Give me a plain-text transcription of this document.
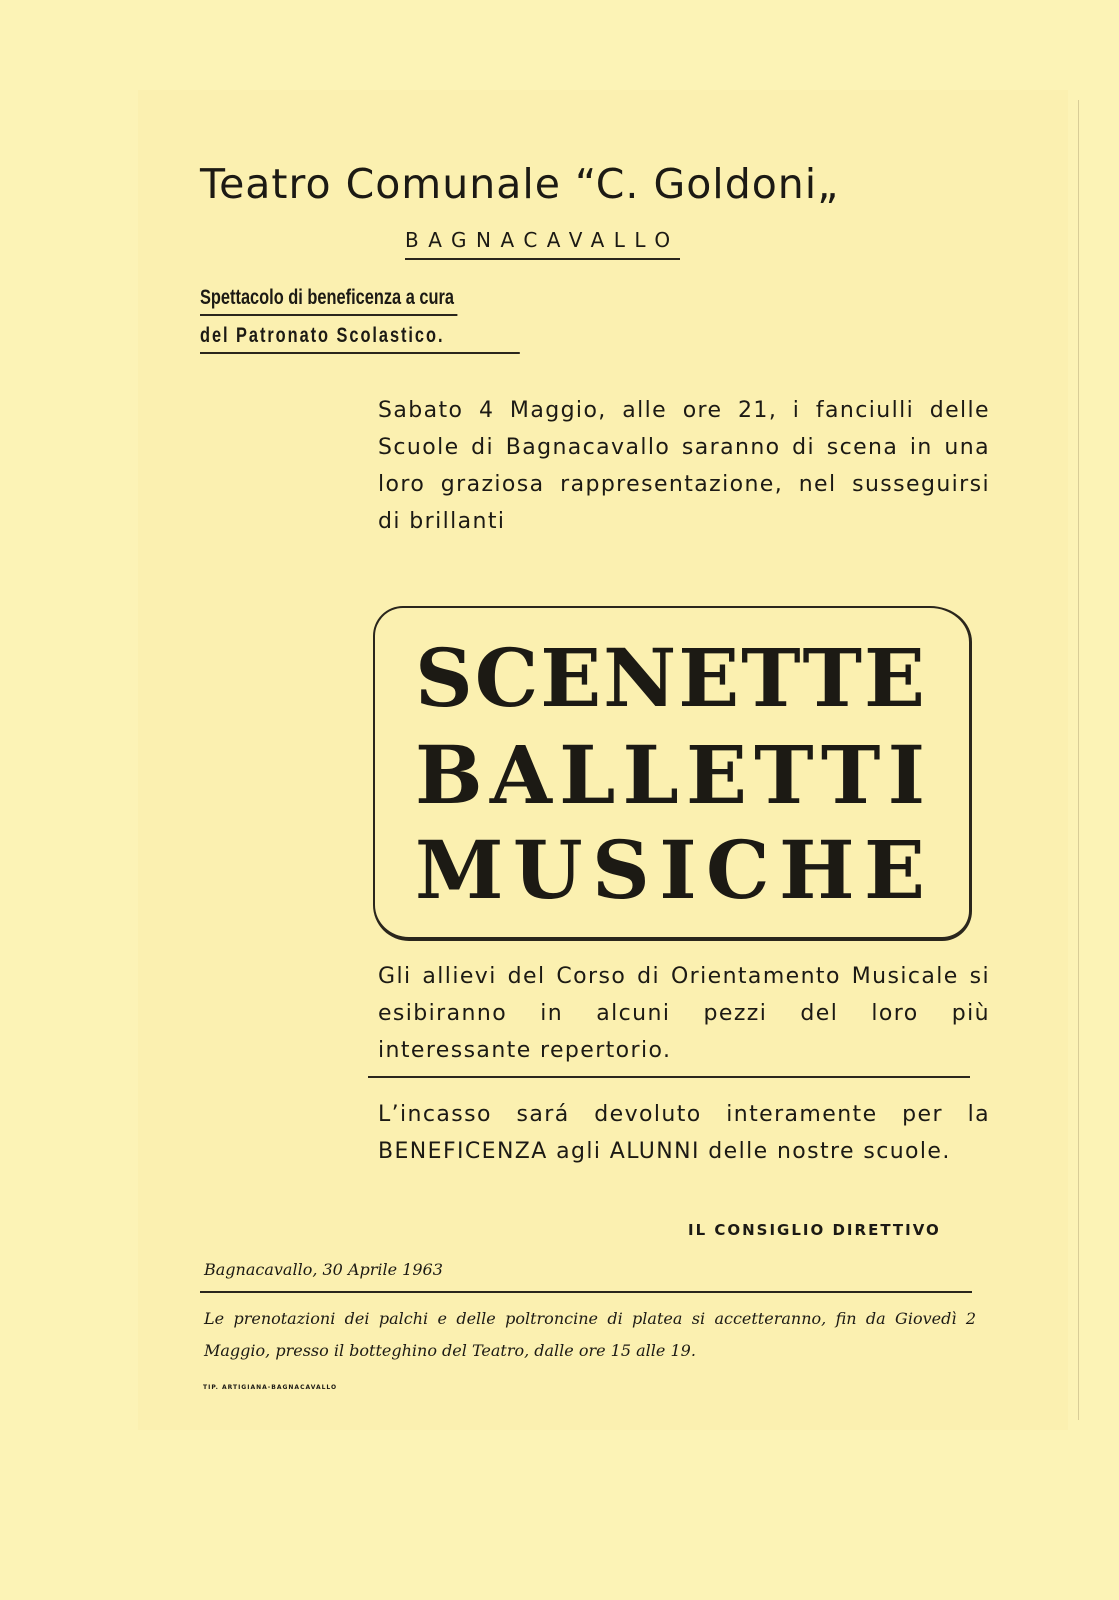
Teatro Comunale “C. Goldoni„
BAGNACAVALLO
Spettacolo di beneficenza a cura
del Patronato Scolastico.
Sabato 4 Maggio, alle ore 21, i fanciulli delle Scuole di Bagnacavallo saranno di scena in una loro graziosa rappresentazione, nel susseguirsi di brillanti
S C E N E T T E
B A L L E T T I
M U S I C H E
Gli allievi del Corso di Orientamento Musicale si esibiranno in alcuni pezzi del loro più interessante repertorio.
L’incasso sará devoluto interamente per la BENEFICENZA agli ALUNNI delle nostre scuole.
IL CONSIGLIO DIRETTIVO
Bagnacavallo, 30 Aprile 1963
Le prenotazioni dei palchi e delle poltroncine di platea si accetteranno, fin da Giovedì 2 Maggio, presso il botteghino del Teatro, dalle ore 15 alle 19.
TIP. ARTIGIANA-BAGNACAVALLO
